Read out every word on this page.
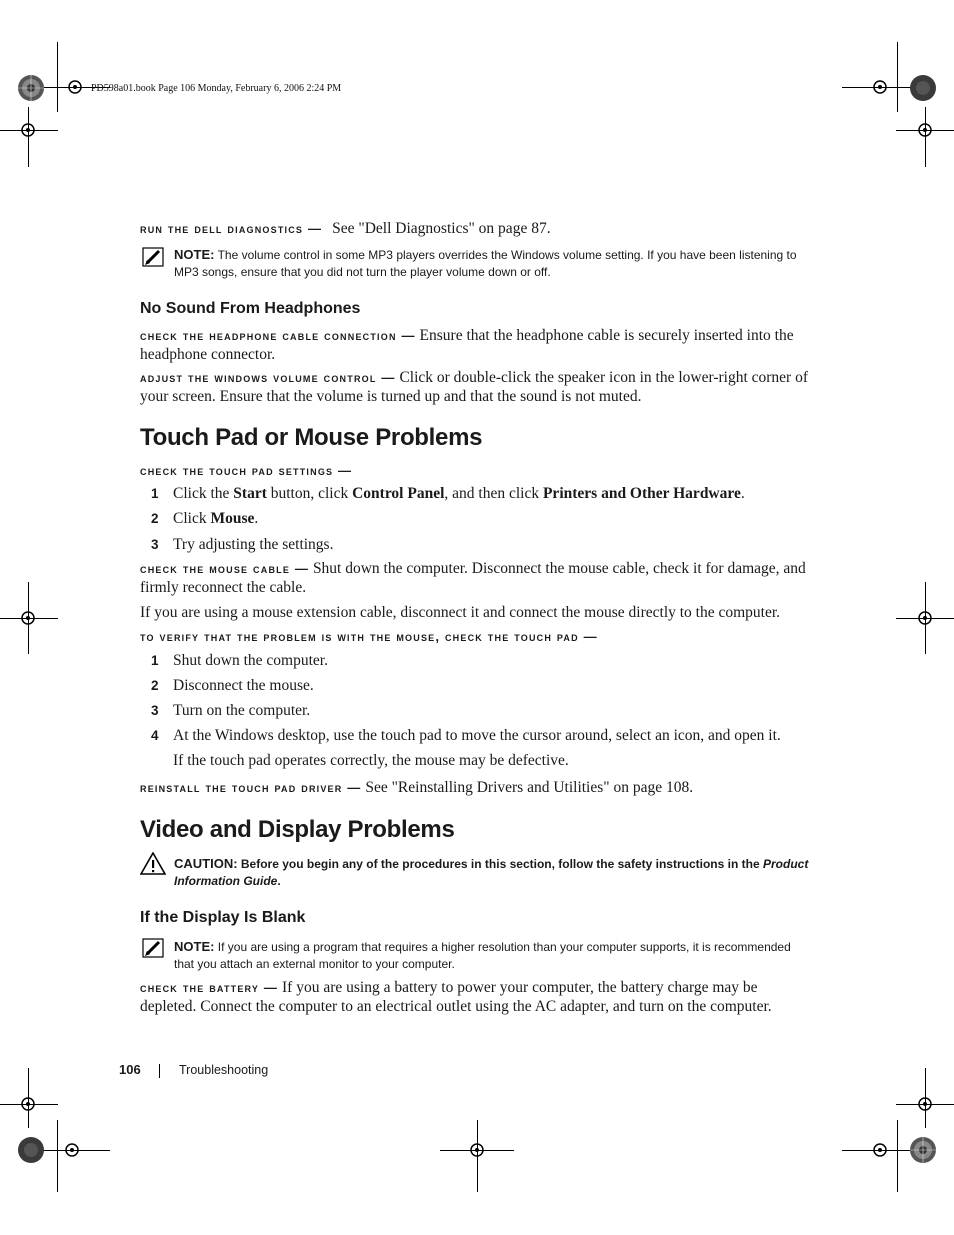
PD598a01.book Page 106 Monday, February 6, 2006 2:24 PM
run the dell diagnostics — See "Dell Diagnostics" on page 87.
NOTE: The volume control in some MP3 players overrides the Windows volume setting. If you have been listening to MP3 songs, ensure that you did not turn the player volume down or off.
No Sound From Headphones
check the headphone cable connection — Ensure that the headphone cable is securely inserted into the headphone connector.
adjust the windows volume control — Click or double-click the speaker icon in the lower-right corner of your screen. Ensure that the volume is turned up and that the sound is not muted.
Touch Pad or Mouse Problems
check the touch pad settings —
1 Click the Start button, click Control Panel, and then click Printers and Other Hardware.
2 Click Mouse.
3 Try adjusting the settings.
check the mouse cable — Shut down the computer. Disconnect the mouse cable, check it for damage, and firmly reconnect the cable.
If you are using a mouse extension cable, disconnect it and connect the mouse directly to the computer.
to verify that the problem is with the mouse, check the touch pad —
1 Shut down the computer.
2 Disconnect the mouse.
3 Turn on the computer.
4 At the Windows desktop, use the touch pad to move the cursor around, select an icon, and open it.
If the touch pad operates correctly, the mouse may be defective.
reinstall the touch pad driver — See "Reinstalling Drivers and Utilities" on page 108.
Video and Display Problems
CAUTION: Before you begin any of the procedures in this section, follow the safety instructions in the Product Information Guide.
If the Display Is Blank
NOTE: If you are using a program that requires a higher resolution than your computer supports, it is recommended that you attach an external monitor to your computer.
check the battery — If you are using a battery to power your computer, the battery charge may be depleted. Connect the computer to an electrical outlet using the AC adapter, and turn on the computer.
106	Troubleshooting
